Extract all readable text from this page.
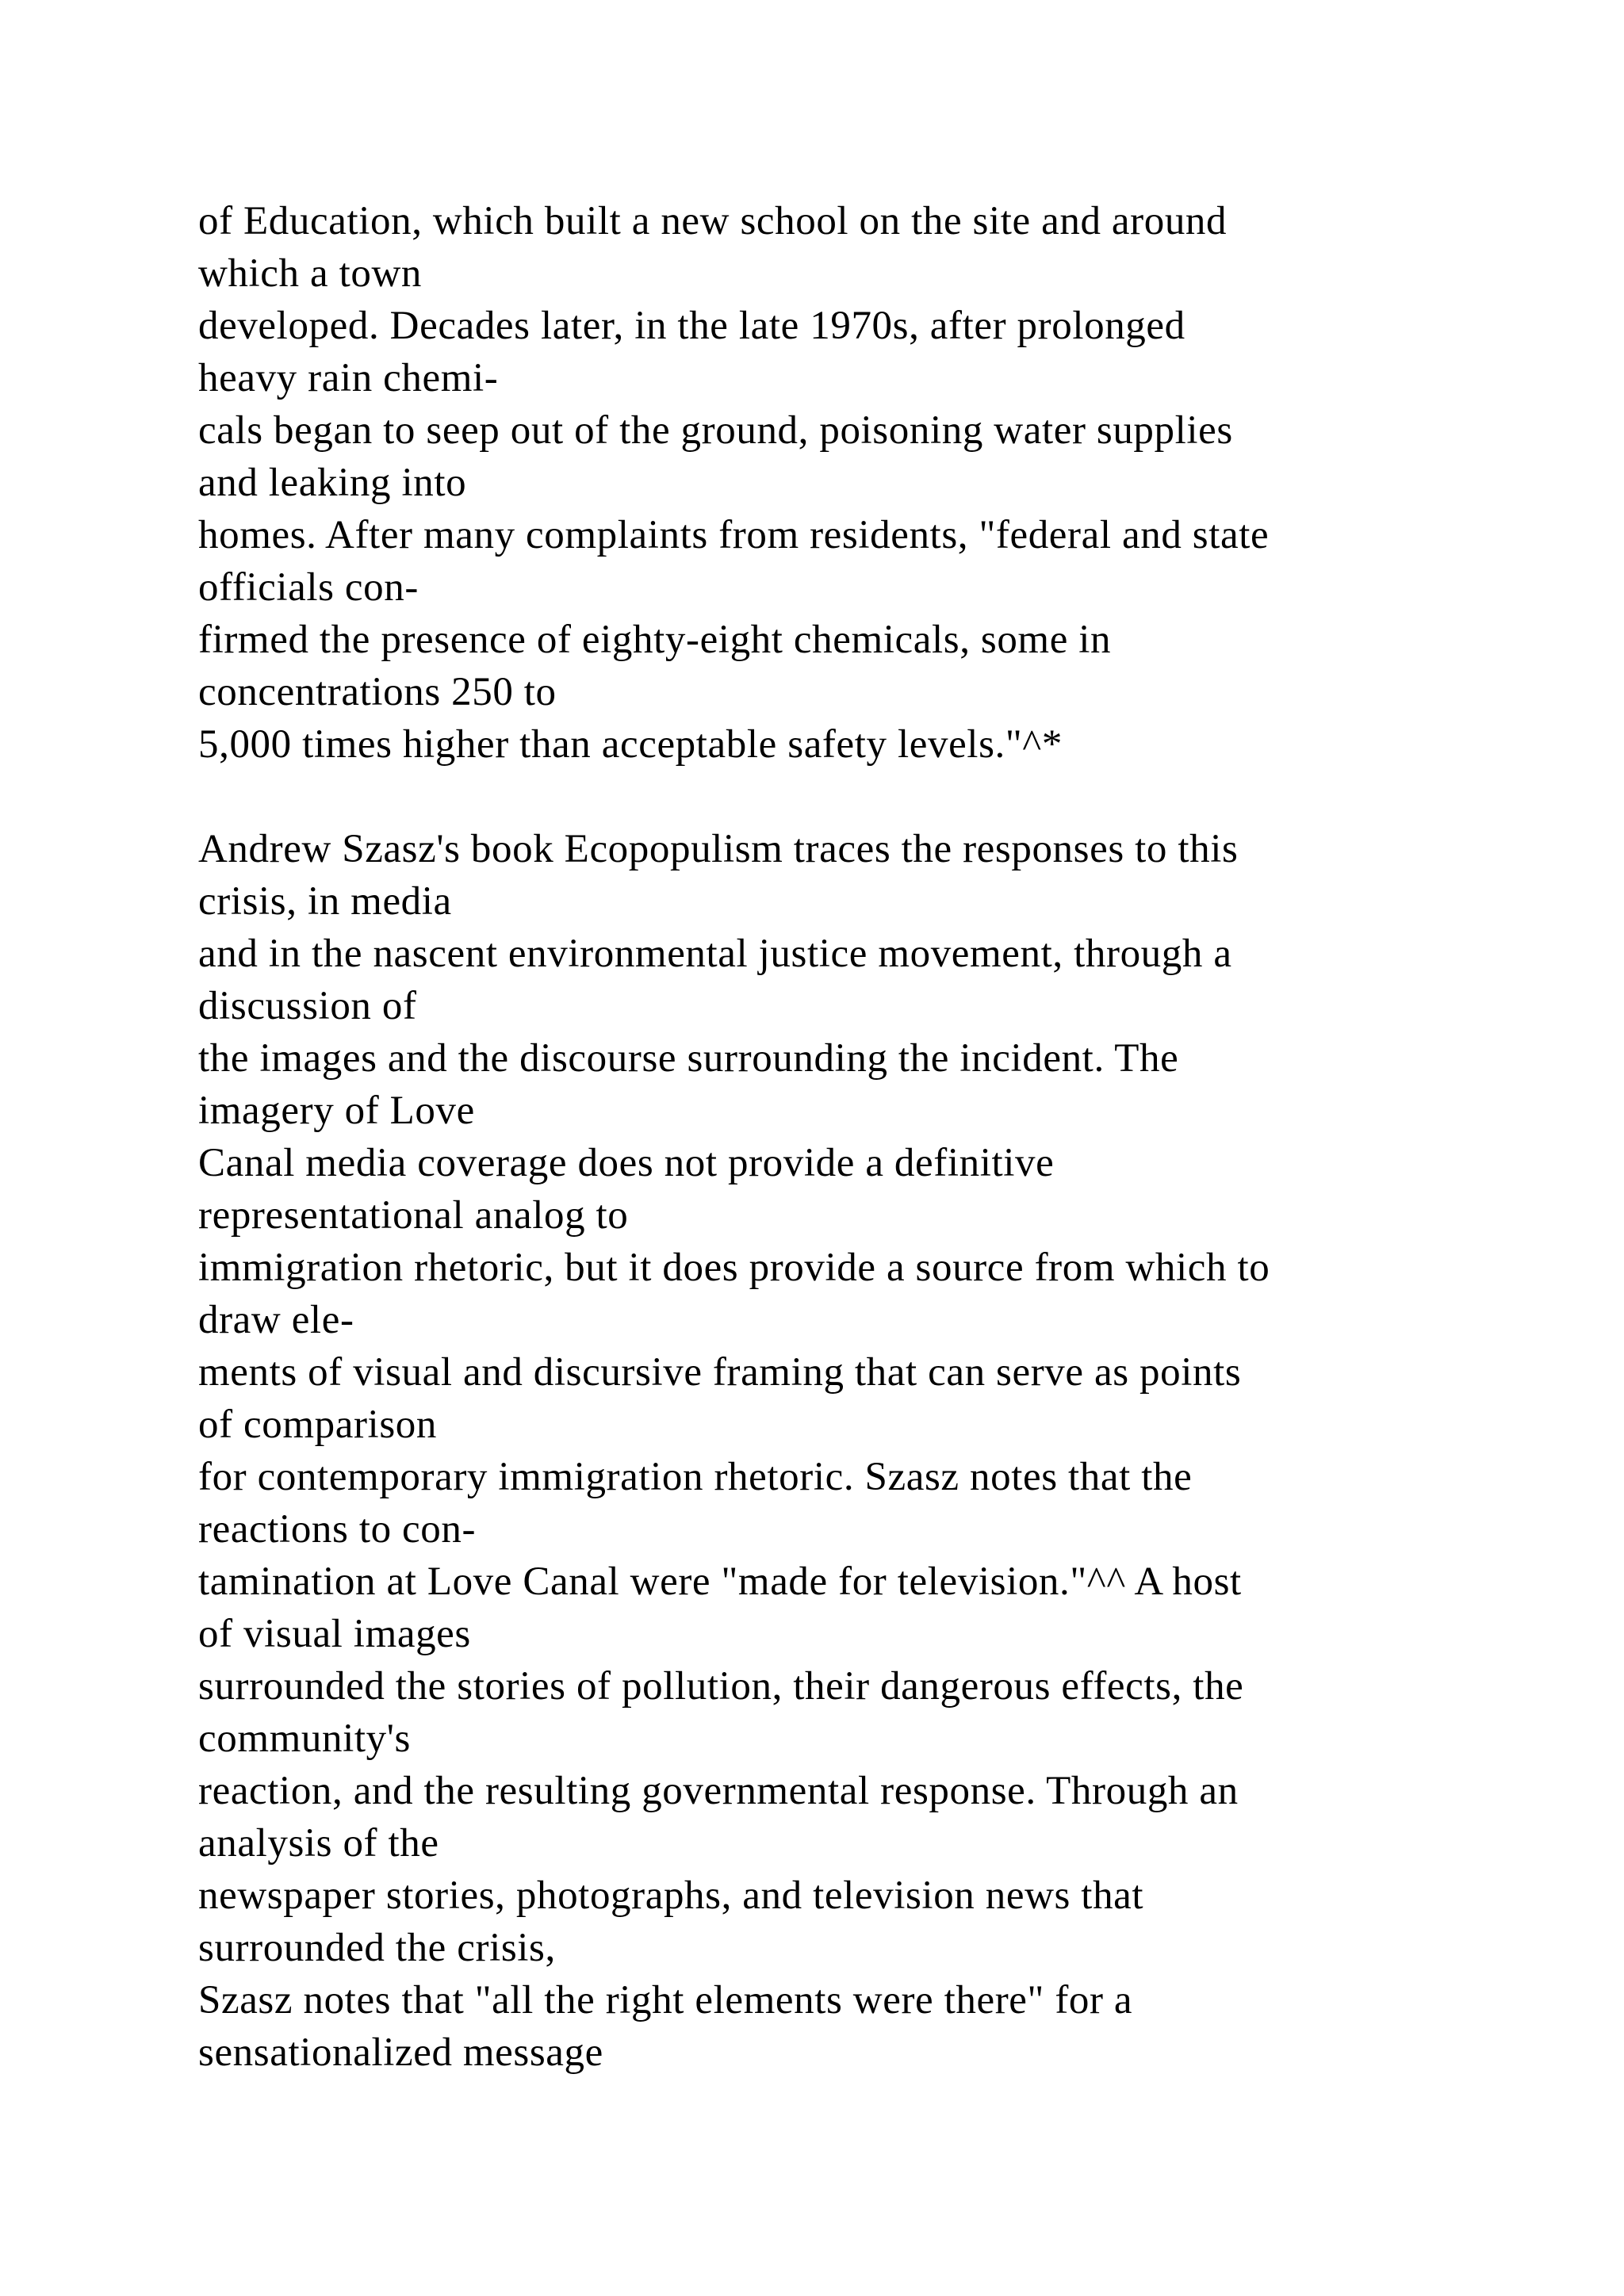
of Education, which built a new school on the site and around
which a town
developed. Decades later, in the late 1970s, after prolonged
heavy rain chemi-
cals began to seep out of the ground, poisoning water supplies
and leaking into
homes. After many complaints from residents, "federal and state
officials con-
firmed the presence of eighty-eight chemicals, some in
concentrations 250 to
5,000 times higher than acceptable safety levels."^*
Andrew Szasz's book Ecopopulism traces the responses to this
crisis, in media
and in the nascent environmental justice movement, through a
discussion of
the images and the discourse surrounding the incident. The
imagery of Love
Canal media coverage does not provide a definitive
representational analog to
immigration rhetoric, but it does provide a source from which to
draw ele-
ments of visual and discursive framing that can serve as points
of comparison
for contemporary immigration rhetoric. Szasz notes that the
reactions to con-
tamination at Love Canal were "made for television."^^ A host
of visual images
surrounded the stories of pollution, their dangerous effects, the
community's
reaction, and the resulting governmental response. Through an
analysis of the
newspaper stories, photographs, and television news that
surrounded the crisis,
Szasz notes that "all the right elements were there" for a
sensationalized message
